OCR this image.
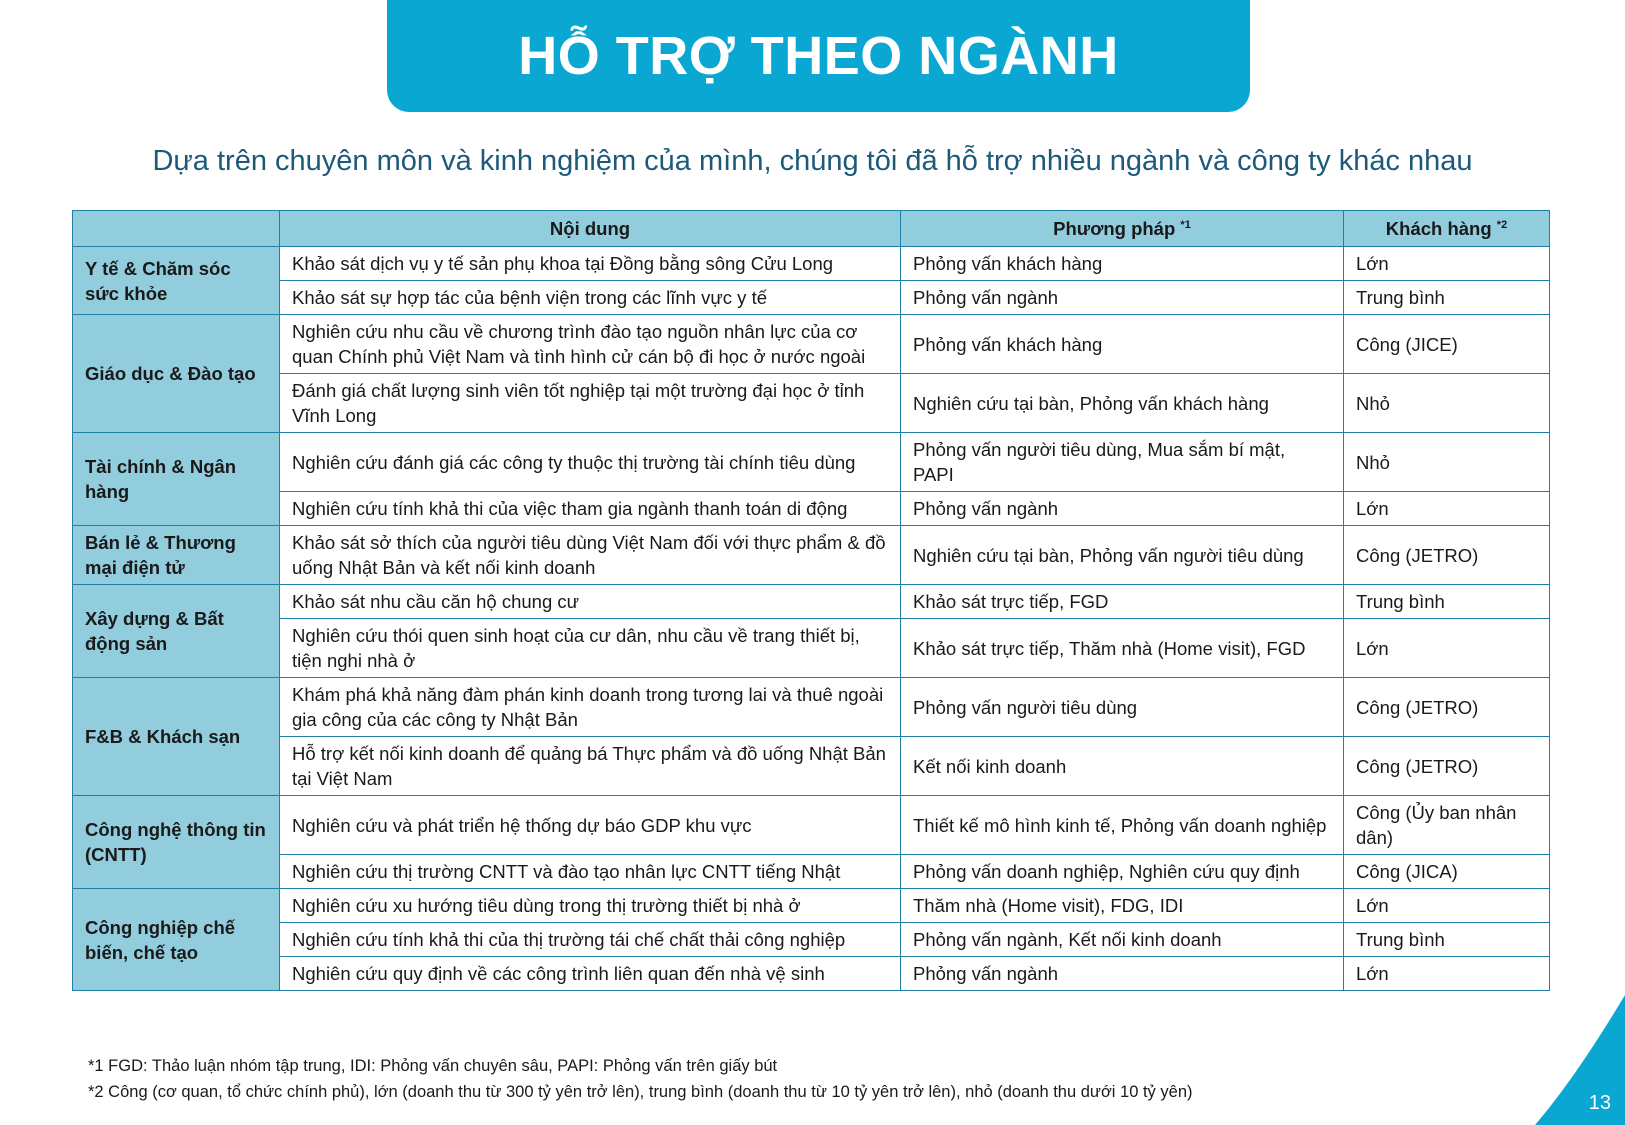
HỖ TRỢ THEO NGÀNH
Dựa trên chuyên môn và kinh nghiệm của mình, chúng tôi đã hỗ trợ nhiều ngành và công ty khác nhau
	Nội dung	Phương pháp $^{*1}$	Khách hàng $^{*2}$
Y tế & Chăm sóc sức khỏe	Khảo sát dịch vụ y tế sản phụ khoa tại Đồng bằng sông Cửu Long	Phỏng vấn khách hàng	Lớn
	Khảo sát sự hợp tác của bệnh viện trong các lĩnh vực y tế	Phỏng vấn ngành	Trung bình
Giáo dục & Đào tạo	Nghiên cứu nhu cầu về chương trình đào tạo nguồn nhân lực của cơ quan Chính phủ Việt Nam và tình hình cử cán bộ đi học ở nước ngoài	Phỏng vấn khách hàng	Công (JICE)
	Đánh giá chất lượng sinh viên tốt nghiệp tại một trường đại học ở tỉnh Vĩnh Long	Nghiên cứu tại bàn, Phỏng vấn khách hàng	Nhỏ
Tài chính & Ngân hàng	Nghiên cứu đánh giá các công ty thuộc thị trường tài chính tiêu dùng	Phỏng vấn người tiêu dùng, Mua sắm bí mật, PAPI	Nhỏ
	Nghiên cứu tính khả thi của việc tham gia ngành thanh toán di động	Phỏng vấn ngành	Lớn
Bán lẻ & Thương mại điện tử	Khảo sát sở thích của người tiêu dùng Việt Nam đối với thực phẩm & đồ uống Nhật Bản và kết nối kinh doanh	Nghiên cứu tại bàn, Phỏng vấn người tiêu dùng	Công (JETRO)
Xây dựng & Bất động sản	Khảo sát nhu cầu căn hộ chung cư	Khảo sát trực tiếp, FGD	Trung bình
	Nghiên cứu thói quen sinh hoạt của cư dân, nhu cầu về trang thiết bị, tiện nghi nhà ở	Khảo sát trực tiếp, Thăm nhà (Home visit), FGD	Lớn
F&B & Khách sạn	Khám phá khả năng đàm phán kinh doanh trong tương lai và thuê ngoài gia công của các công ty Nhật Bản	Phỏng vấn người tiêu dùng	Công (JETRO)
	Hỗ trợ kết nối kinh doanh để quảng bá Thực phẩm và đồ uống Nhật Bản tại Việt Nam	Kết nối kinh doanh	Công (JETRO)
Công nghệ thông tin (CNTT)	Nghiên cứu và phát triển hệ thống dự báo GDP khu vực	Thiết kế mô hình kinh tế, Phỏng vấn doanh nghiệp	Công (Ủy ban nhân dân)
	Nghiên cứu thị trường CNTT và đào tạo nhân lực CNTT tiếng Nhật	Phỏng vấn doanh nghiệp, Nghiên cứu quy định	Công (JICA)
Công nghiệp chế biến, chế tạo	Nghiên cứu xu hướng tiêu dùng trong thị trường thiết bị nhà ở	Thăm nhà (Home visit), FDG, IDI	Lớn
	Nghiên cứu tính khả thi của thị trường tái chế chất thải công nghiệp	Phỏng vấn ngành, Kết nối kinh doanh	Trung bình
	Nghiên cứu quy định về các công trình liên quan đến nhà vệ sinh	Phỏng vấn ngành	Lớn
*1 FGD: Thảo luận nhóm tập trung, IDI: Phỏng vấn chuyên sâu, PAPI: Phỏng vấn trên giấy bút
*2 Công (cơ quan, tổ chức chính phủ), lớn (doanh thu từ 300 tỷ yên trở lên), trung bình (doanh thu từ 10 tỷ yên trở lên), nhỏ (doanh thu dưới 10 tỷ yên)	13
